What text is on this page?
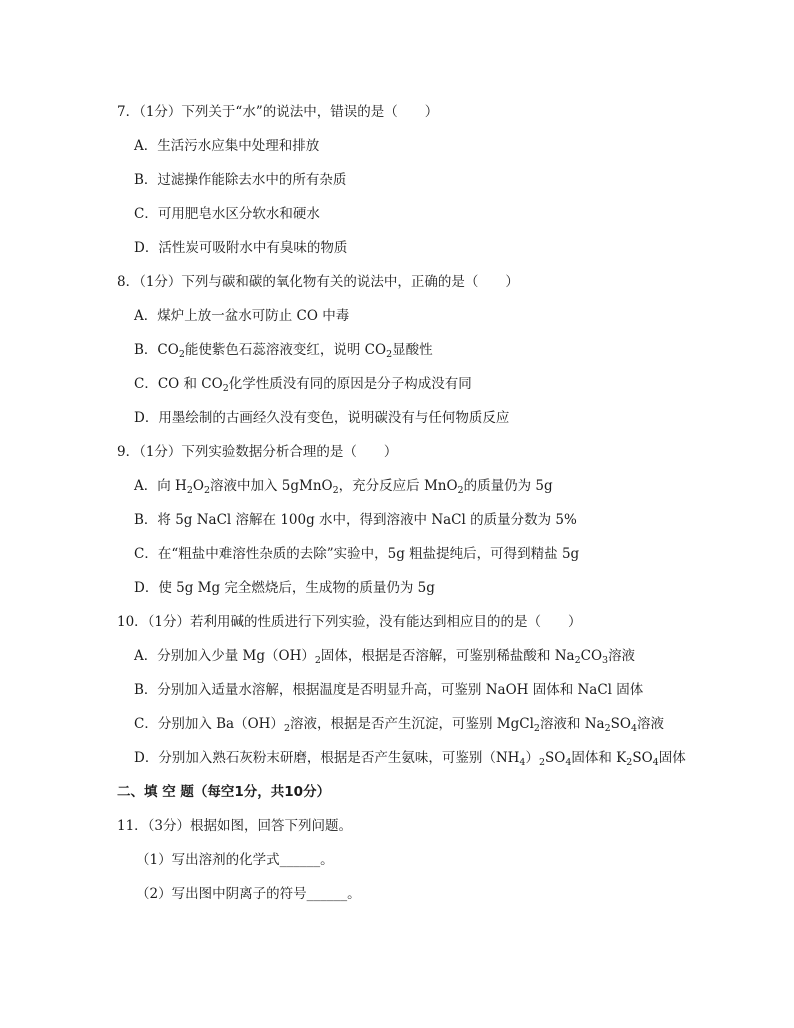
7．（1分）下列关于“水”的说法中，错误的是（　　）
A．生活污水应集中处理和排放
B．过滤操作能除去水中的所有杂质
C．可用肥皂水区分软水和硬水
D．活性炭可吸附水中有臭味的物质
8．（1分）下列与碳和碳的氧化物有关的说法中，正确的是（　　）
A．煤炉上放一盆水可防止 CO 中毒
B．$CO_2$能使紫色石蕊溶液变红，说明 $CO_2$显酸性
C．CO 和 $CO_2$化学性质没有同的原因是分子构成没有同
D．用墨绘制的古画经久没有变色，说明碳没有与任何物质反应
9．（1分）下列实验数据分析合理的是（　　）
A．向 $H_2O_2$溶液中加入 5gMnO$_2$，充分反应后 MnO$_2$的质量仍为 5g
B．将 5g NaCl 溶解在 100g 水中，得到溶液中 NaCl 的质量分数为 5%
C．在“粗盐中难溶性杂质的去除”实验中，5g 粗盐提纯后，可得到精盐 5g
D．使 5g Mg 完全燃烧后，生成物的质量仍为 5g
10．（1分）若利用碱的性质进行下列实验，没有能达到相应目的的是（　　）
A．分别加入少量 $Mg(OH)_2$固体，根据是否溶解，可鉴别稀盐酸和 $Na_2CO_3$溶液
B．分别加入适量水溶解，根据温度是否明显升高，可鉴别 NaOH 固体和 NaCl 固体
C．分别加入 $Ba(OH)_2$溶液，根据是否产生沉淀，可鉴别 MgCl$_2$溶液和 $Na_2SO_4$溶液
D．分别加入熟石灰粉末研磨，根据是否产生氨味，可鉴别$(NH_4)_2SO_4$固体和 $K_2SO_4$固体
二、填 空 题（每空1分，共10分）
11．（3分）根据如图，回答下列问题。
（1）写出溶剂的化学式______。
（2）写出图中阴离子的符号______。
